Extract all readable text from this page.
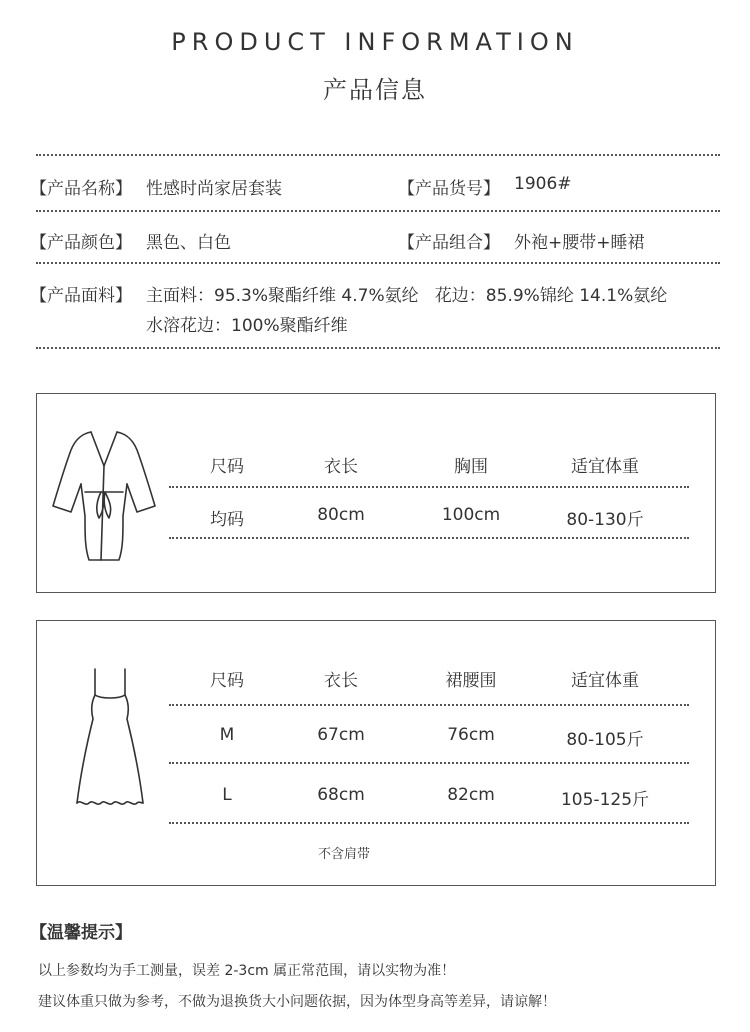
PRODUCT INFORMATION
产品信息
【产品名称】 性感时尚家居套装	【产品货号】 1906#
【产品颜色】 黑色、白色	【产品组合】 外袍+腰带+睡裙
【产品面料】 主面料：95.3%聚酯纤维 4.7%氨纶   花边：85.9%锦纶 14.1%氨纶
水溶花边：100%聚酯纤维
尺码	衣长	胸围	适宜体重
均码	80cm	100cm	80-130斤
尺码	衣长	裙腰围	适宜体重
M	67cm	76cm	80-105斤
L	68cm	82cm	105-125斤
不含肩带
【温馨提示】
以上参数均为手工测量，误差 2-3cm 属正常范围，请以实物为准！
建议体重只做为参考，不做为退换货大小问题依据，因为体型身高等差异，请谅解！
